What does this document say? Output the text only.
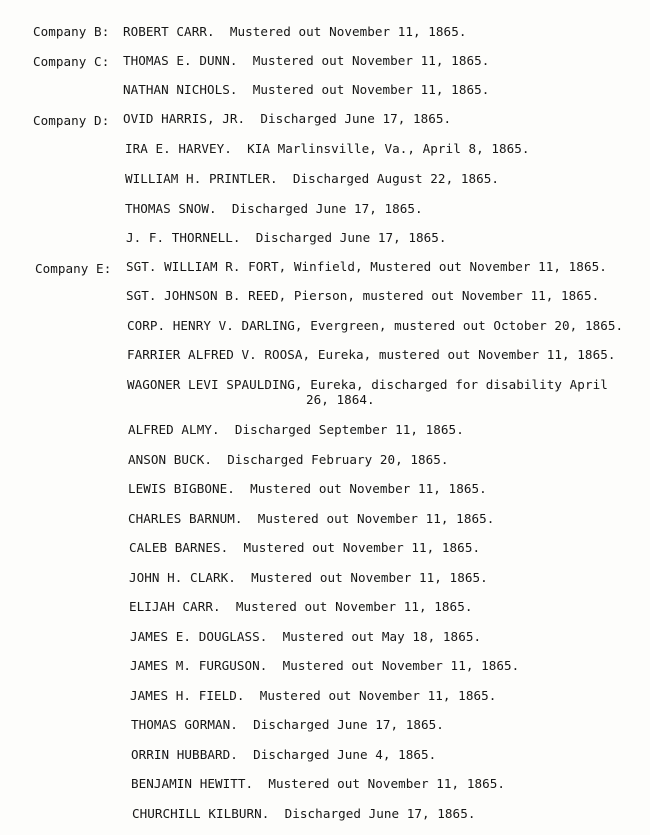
Company B: ROBERT CARR. Mustered out November 11, 1865.
Company C: THOMAS E. DUNN. Mustered out November 11, 1865.
NATHAN NICHOLS. Mustered out November 11, 1865.
Company D: OVID HARRIS, JR. Discharged June 17, 1865.
IRA E. HARVEY. KIA Marlinsville, Va., April 8, 1865.
WILLIAM H. PRINTLER. Discharged August 22, 1865.
THOMAS SNOW. Discharged June 17, 1865.
J. F. THORNELL. Discharged June 17, 1865.
Company E: SGT. WILLIAM R. FORT, Winfield, Mustered out November 11, 1865.
SGT. JOHNSON B. REED, Pierson, mustered out November 11, 1865.
CORP. HENRY V. DARLING, Evergreen, mustered out October 20, 1865.
FARRIER ALFRED V. ROOSA, Eureka, mustered out November 11, 1865.
WAGONER LEVI SPAULDING, Eureka, discharged for disability April
26, 1864.
ALFRED ALMY. Discharged September 11, 1865.
ANSON BUCK. Discharged February 20, 1865.
LEWIS BIGBONE. Mustered out November 11, 1865.
CHARLES BARNUM. Mustered out November 11, 1865.
CALEB BARNES. Mustered out November 11, 1865.
JOHN H. CLARK. Mustered out November 11, 1865.
ELIJAH CARR. Mustered out November 11, 1865.
JAMES E. DOUGLASS. Mustered out May 18, 1865.
JAMES M. FURGUSON. Mustered out November 11, 1865.
JAMES H. FIELD. Mustered out November 11, 1865.
THOMAS GORMAN. Discharged June 17, 1865.
ORRIN HUBBARD. Discharged June 4, 1865.
BENJAMIN HEWITT. Mustered out November 11, 1865.
CHURCHILL KILBURN. Discharged June 17, 1865.
